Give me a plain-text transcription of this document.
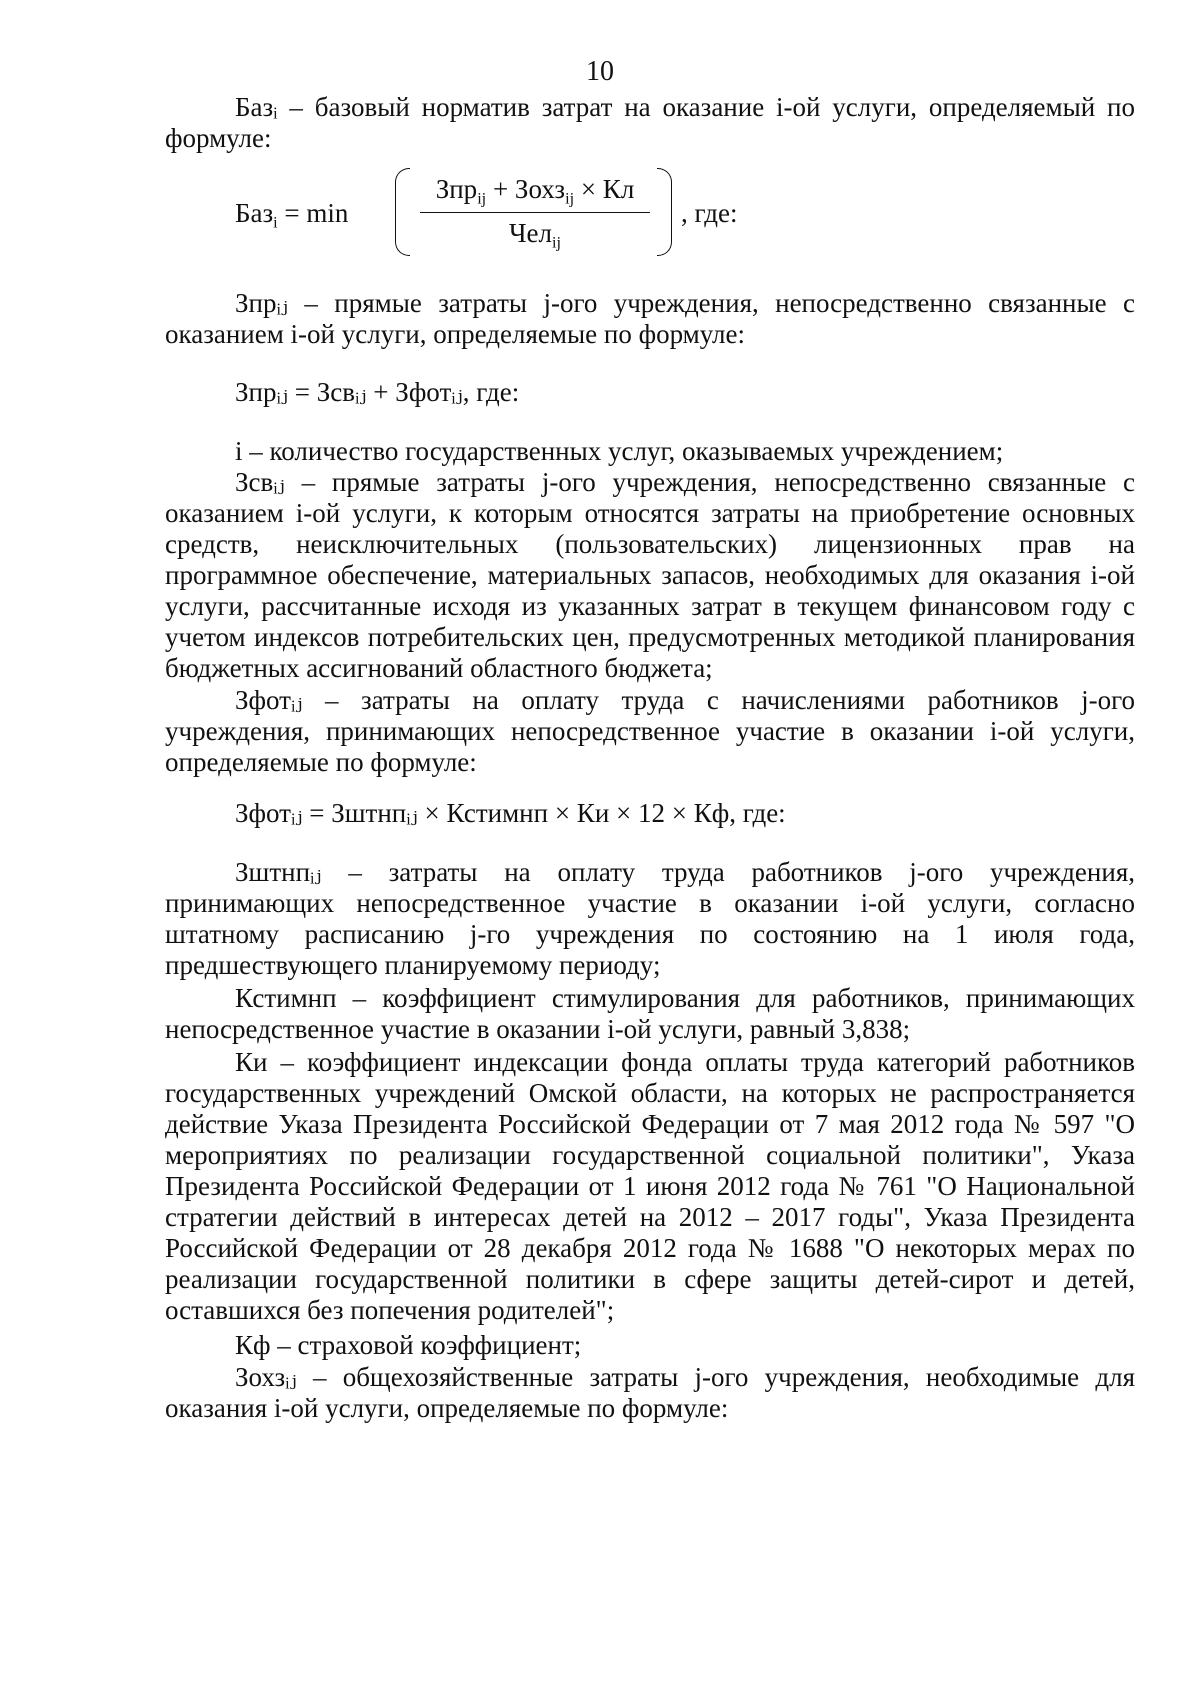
10

Базᵢ – базовый норматив затрат на оказание i-ой услуги, определяемый по формуле:

Баз$_i$ = min
Зпр$_{ij}$ + Зохз$_{ij}$ × Кл
Чел$_{ij}$
, где:

Зпрᵢⱼ – прямые затраты j-ого учреждения, непосредственно связанные с оказанием i-ой услуги, определяемые по формуле:

Зпрᵢⱼ = Зсвᵢⱼ + Зфотᵢⱼ, где:

i – количество государственных услуг, оказываемых учреждением;

Зсвᵢⱼ – прямые затраты j-ого учреждения, непосредственно связанные с оказанием i-ой услуги, к которым относятся затраты на приобретение основных средств, неисключительных (пользовательских) лицензионных прав на программное обеспечение, материальных запасов, необходимых для оказания i-ой услуги, рассчитанные исходя из указанных затрат в текущем финансовом году с учетом индексов потребительских цен, предусмотренных методикой планирования бюджетных ассигнований областного бюджета;

Зфотᵢⱼ – затраты на оплату труда с начислениями работников j-ого учреждения, принимающих непосредственное участие в оказании i-ой услуги, определяемые по формуле:

Зфотᵢⱼ = Зштнпᵢⱼ × Кстимнп × Ки × 12 × Кф, где:

Зштнпᵢⱼ – затраты на оплату труда работников j-ого учреждения, принимающих непосредственное участие в оказании i-ой услуги, согласно штатному расписанию j-го учреждения по состоянию на 1 июля года, предшествующего планируемому периоду;

Кстимнп – коэффициент стимулирования для работников, принимающих непосредственное участие в оказании i-ой услуги, равный 3,838;

Ки – коэффициент индексации фонда оплаты труда категорий работников государственных учреждений Омской области, на которых не распространяется действие Указа Президента Российской Федерации от 7 мая 2012 года № 597 "О мероприятиях по реализации государственной социальной политики", Указа Президента Российской Федерации от 1 июня 2012 года № 761 "О Национальной стратегии действий в интересах детей на 2012 – 2017 годы", Указа Президента Российской Федерации от 28 декабря 2012 года № 1688 "О некоторых мерах по реализации государственной политики в сфере защиты детей-сирот и детей, оставшихся без попечения родителей";

Кф – страховой коэффициент;

Зохзᵢⱼ – общехозяйственные затраты j-ого учреждения, необходимые для оказания i-ой услуги, определяемые по формуле:
